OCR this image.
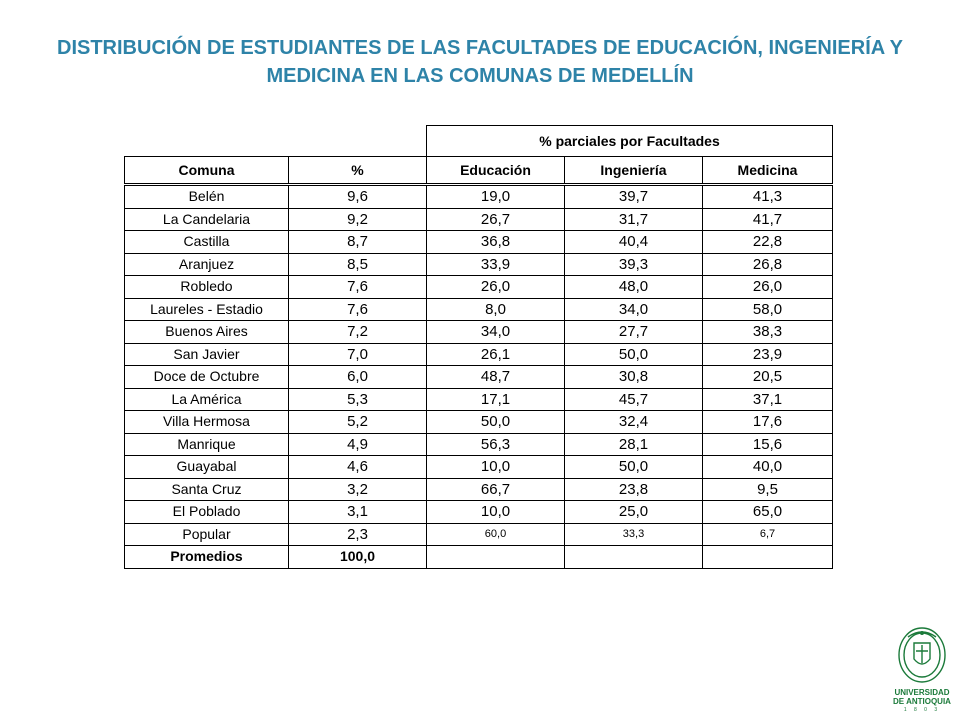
DISTRIBUCIÓN DE ESTUDIANTES DE LAS FACULTADES DE EDUCACIÓN, INGENIERÍA Y
MEDICINA EN LAS COMUNAS DE MEDELLÍN
		% parciales por Facultades		
Comuna	%	Educación	Ingeniería	Medicina
Belén	9,6	19,0	39,7	41,3
La Candelaria	9,2	26,7	31,7	41,7
Castilla	8,7	36,8	40,4	22,8
Aranjuez	8,5	33,9	39,3	26,8
Robledo	7,6	26,0	48,0	26,0
Laureles - Estadio	7,6	8,0	34,0	58,0
Buenos Aires	7,2	34,0	27,7	38,3
San Javier	7,0	26,1	50,0	23,9
Doce de Octubre	6,0	48,7	30,8	20,5
La América	5,3	17,1	45,7	37,1
Villa Hermosa	5,2	50,0	32,4	17,6
Manrique	4,9	56,3	28,1	15,6
Guayabal	4,6	10,0	50,0	40,0
Santa Cruz	3,2	66,7	23,8	9,5
El Poblado	3,1	10,0	25,0	65,0
Popular	2,3	60,0	33,3	6,7
Promedios	100,0			
UNIVERSIDAD
DE ANTIOQUIA
1 8 0 3
